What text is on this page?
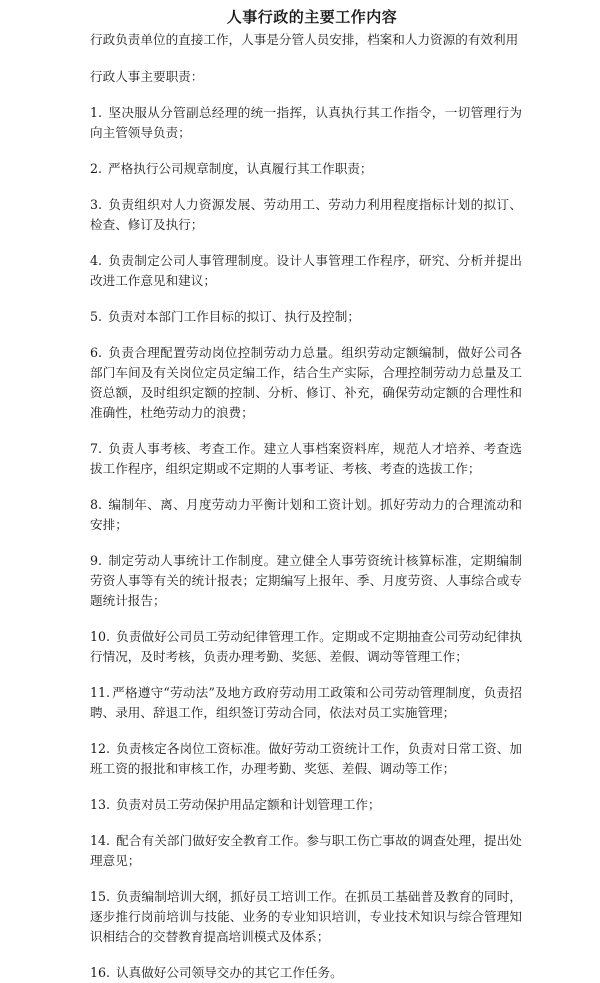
人事行政的主要工作内容

行政负责单位的直接工作，人事是分管人员安排，档案和人力资源的有效利用

行政人事主要职责：

1. 坚决服从分管副总经理的统一指挥，认真执行其工作指令，一切管理行为向主管领导负责；

2. 严格执行公司规章制度，认真履行其工作职责；

3. 负责组织对人力资源发展、劳动用工、劳动力利用程度指标计划的拟订、检查、修订及执行；

4. 负责制定公司人事管理制度。设计人事管理工作程序，研究、分析并提出改进工作意见和建议；

5. 负责对本部门工作目标的拟订、执行及控制；

6. 负责合理配置劳动岗位控制劳动力总量。组织劳动定额编制，做好公司各部门车间及有关岗位定员定编工作，结合生产实际，合理控制劳动力总量及工资总额，及时组织定额的控制、分析、修订、补充，确保劳动定额的合理性和准确性，杜绝劳动力的浪费；

7. 负责人事考核、考查工作。建立人事档案资料库，规范人才培养、考查选拔工作程序，组织定期或不定期的人事考证、考核、考查的选拔工作；

8. 编制年、离、月度劳动力平衡计划和工资计划。抓好劳动力的合理流动和安排；

9. 制定劳动人事统计工作制度。建立健全人事劳资统计核算标准，定期编制劳资人事等有关的统计报表；定期编写上报年、季、月度劳资、人事综合或专题统计报告；

10. 负责做好公司员工劳动纪律管理工作。定期或不定期抽查公司劳动纪律执行情况，及时考核，负责办理考勤、奖惩、差假、调动等管理工作；

11. 严格遵守“劳动法”及地方政府劳动用工政策和公司劳动管理制度，负责招聘、录用、辞退工作，组织签订劳动合同，依法对员工实施管理；

12. 负责核定各岗位工资标准。做好劳动工资统计工作，负责对日常工资、加班工资的报批和审核工作，办理考勤、奖惩、差假、调动等工作；

13. 负责对员工劳动保护用品定额和计划管理工作；

14. 配合有关部门做好安全教育工作。参与职工伤亡事故的调查处理，提出处理意见；

15. 负责编制培训大纲，抓好员工培训工作。在抓员工基础普及教育的同时，逐步推行岗前培训与技能、业务的专业知识培训，专业技术知识与综合管理知识相结合的交替教育提高培训模式及体系；

16. 认真做好公司领导交办的其它工作任务。
